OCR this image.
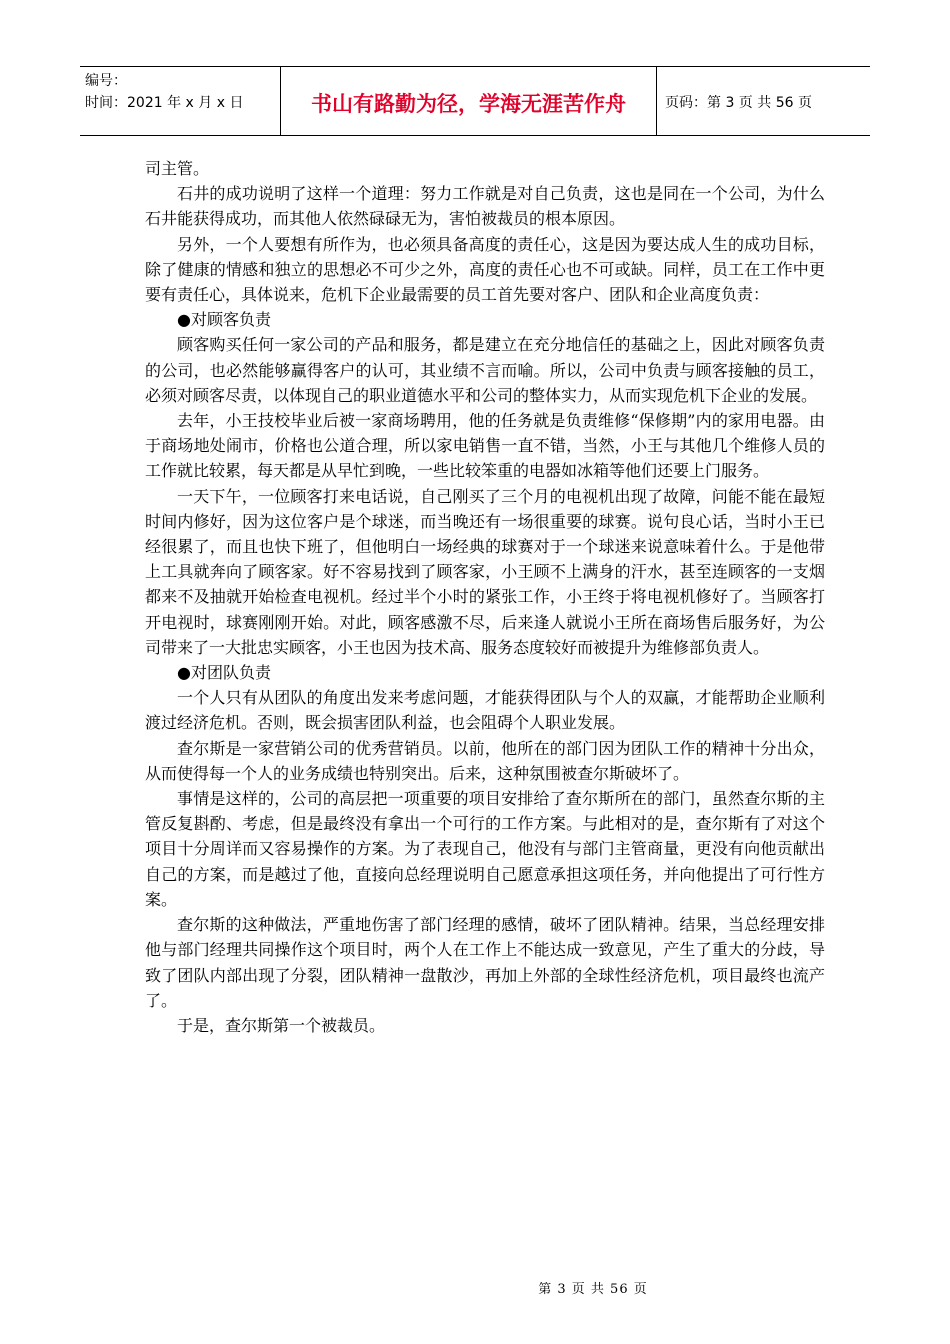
编号：
时间：2021 年 x 月 x 日	书山有路勤为径，学海无涯苦作舟	页码：第 3 页 共 56 页

司主管。

石井的成功说明了这样一个道理：努力工作就是对自己负责，这也是同在一个公司，为什么石井能获得成功，而其他人依然碌碌无为，害怕被裁员的根本原因。

另外，一个人要想有所作为，也必须具备高度的责任心，这是因为要达成人生的成功目标，除了健康的情感和独立的思想必不可少之外，高度的责任心也不可或缺。同样，员工在工作中更要有责任心，具体说来，危机下企业最需要的员工首先要对客户、团队和企业高度负责：

●对顾客负责

顾客购买任何一家公司的产品和服务，都是建立在充分地信任的基础之上，因此对顾客负责的公司，也必然能够赢得客户的认可，其业绩不言而喻。所以，公司中负责与顾客接触的员工，必须对顾客尽责，以体现自己的职业道德水平和公司的整体实力，从而实现危机下企业的发展。

去年，小王技校毕业后被一家商场聘用，他的任务就是负责维修“保修期”内的家用电器。由于商场地处闹市，价格也公道合理，所以家电销售一直不错，当然，小王与其他几个维修人员的工作就比较累，每天都是从早忙到晚，一些比较笨重的电器如冰箱等他们还要上门服务。

一天下午，一位顾客打来电话说，自己刚买了三个月的电视机出现了故障，问能不能在最短时间内修好，因为这位客户是个球迷，而当晚还有一场很重要的球赛。说句良心话，当时小王已经很累了，而且也快下班了，但他明白一场经典的球赛对于一个球迷来说意味着什么。于是他带上工具就奔向了顾客家。好不容易找到了顾客家，小王顾不上满身的汗水，甚至连顾客的一支烟都来不及抽就开始检查电视机。经过半个小时的紧张工作，小王终于将电视机修好了。当顾客打开电视时，球赛刚刚开始。对此，顾客感激不尽，后来逢人就说小王所在商场售后服务好，为公司带来了一大批忠实顾客，小王也因为技术高、服务态度较好而被提升为维修部负责人。

●对团队负责

一个人只有从团队的角度出发来考虑问题，才能获得团队与个人的双赢，才能帮助企业顺利渡过经济危机。否则，既会损害团队利益，也会阻碍个人职业发展。

查尔斯是一家营销公司的优秀营销员。以前，他所在的部门因为团队工作的精神十分出众，从而使得每一个人的业务成绩也特别突出。后来，这种氛围被查尔斯破坏了。

事情是这样的，公司的高层把一项重要的项目安排给了查尔斯所在的部门，虽然查尔斯的主管反复斟酌、考虑，但是最终没有拿出一个可行的工作方案。与此相对的是，查尔斯有了对这个项目十分周详而又容易操作的方案。为了表现自己，他没有与部门主管商量，更没有向他贡献出自己的方案，而是越过了他，直接向总经理说明自己愿意承担这项任务，并向他提出了可行性方案。

查尔斯的这种做法，严重地伤害了部门经理的感情，破坏了团队精神。结果，当总经理安排他与部门经理共同操作这个项目时，两个人在工作上不能达成一致意见，产生了重大的分歧，导致了团队内部出现了分裂，团队精神一盘散沙，再加上外部的全球性经济危机，项目最终也流产了。

于是，查尔斯第一个被裁员。

第 3 页 共 56 页
